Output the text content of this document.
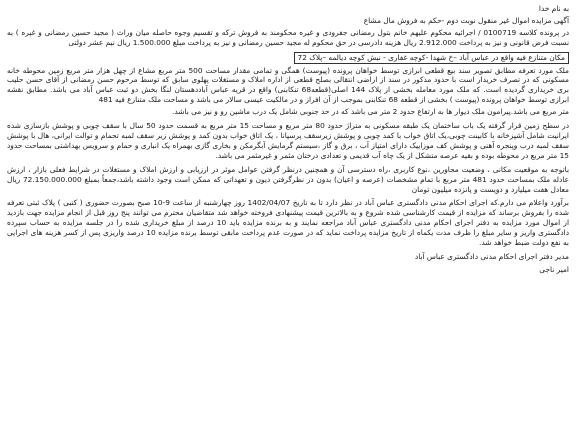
به نام خدا
آگهی مزایده اموال غیر منقول نوبت دوم -حکم به فروش مال مشاع

در پرونده کلاسه 0100719 / اجرائیه محکوم علیهم خانم بتول رمضانی جفرودی و غیره محکومند به فروش ترکه و تقسیم وجوه حاصله میان وراث ( مجید حسین رمضانی و غیره ) به نسبت فرض قانونی و نیز به پرداخت 2.912.000 ریال هزینه دادرسی در حق محکوم له مجید حسین رمضانی و نیز به پرداخت مبلغ 1.500.000 ریال نیم عشر دولتی

مکان متنازع فیه واقع در عباس آباد –خ شهدا -کوچه غفاری - نبش کوچه دیالمه –پلاک 72

ملک مورد تعرفه مطابق تصویر سند بیع قطعی ابرازی توسط خواهان پرونده (پیوست) همگی و تمامی مقدار مساحت 500 متر مربع مشاع از چهل هزار متر مربع زمین محوطه خانه مسکونی که در تصرف خریدار است با حدود مذکور در سند از اراضی انتقالی بصلح قطعی از اداره املاک و مستغلات پهلوی سابق که توسط مرحوم حسن رمضانی از آقای حسن حلیب بری خریداری گردیده است. که ملک مورد معامله بخشی از پلاک 144 اصلی(قطعه68 تنکابنی) واقع در قریه عباس آباددهستان لنگا بخش دو ثبت عباس آباد می باشد. مطابق نقشه ابرازی توسط خواهان پرونده (پیوست ) بخشی از قطعه 68 تنکابنی بموجب از آن افراز و در مالکیت عیسی سالار می باشد و مساحت ملک متنازع فیه 481

متر مربع می باشد.پیرامون ملک دیوار ها به ارتفاع حدود 2 متر می باشد که در حد جنوبی شامل یک درب ماشین رو و نیز می باشد.

در سطح زمین قرار گرفته یک باب ساختمان یک طبقه مسکونی به متراژ حدود 80 متر مربع و مساحت 15 متر مربع به قسمت حدود 50 سال با سقف چوبی و پوشش بازسازی شده ایرانیت شامل آشپزخانه با کابینت چوبی،یک اتاق خواب با کمد چوبی و پوشش زیرسقف پرسپانا ، یک اتاق خواب بدون کمد و پوشش زیر سقف لمبه تحمام و توالت ایرانی، هال با پوشش سقف لمبه درب وپنجره آهنی و پوشش کف موزاییک دارای امتیاز آب ، برق و گاز ،سیستم گرمایش آبگرمکن و بخاری گازی بهمراه یک انباری و حمام و سرویس بهداشتی بمساحت حدود 15 متر مربع در محوطه بوده و بقیه عرصه متشکل از یک چاه آب قدیمی و تعدادی درختان مثمر و غیرمثمر می باشد.

باتوجه به موقعیت مکانی ، وضعیت مجاورین ،نوع کاربری ،راه دسترسی آن و همچنین درنظر گرفتن عوامل موثر در ارزیابی و ارزش املاک و مستغلات در شرایط فعلی بازار ، ارزش عادله ملک بمساحت حدود 481 متر مربع با تمام مشخصات (عرصه و اعیان) بدون در نظرگرفتن دیون و تعهداتی که ممکن است وجود داشته باشد،جمعاً بمبلغ 72.150.000.000 ریال معادل هفت میلیارد و دویست و پانزده میلیون تومان

برآورد واعلام می دارم.که اجرای احکام مدنی دادگستری عباس آباد در نظر دارد تا به تاریخ 1402/04/07 روز چهارشنبه از ساعت 9-10 صبح بصورت حضوری ( کتبی ) پلاک ثبتی تعرفه شده را بفروش برساند که مزایده از قیمت کارشناسی شده شروع و به بالاترین قیمت پیشنهادی فروخته خواهد شد متقاضیان محترم می توانند پنج روز قبل از انجام مزایده جهت بازدید از اموال مورد مزایده به دفتر اجرای احکام مدنی دادگستری عباس آباد مراجعه نمایند و به برنده مزایده باید 10 درصد از مبلغ خریداری شده را در جلسه مزایده به حساب سپرده دادگستری واریز و سایر مبلغ را ظرف مدت یکماه از تاریخ مزایده پرداخت نماید که در صورت عدم پرداخت مابقی توسط برنده مزایده 10 درصد واریزی پس از کسر هزینه های اجرایی به نفع دولت ضبط خواهد شد.

مدیر دفتر اجرای احکام مدنی دادگستری عباس آباد
امیر ناجی
